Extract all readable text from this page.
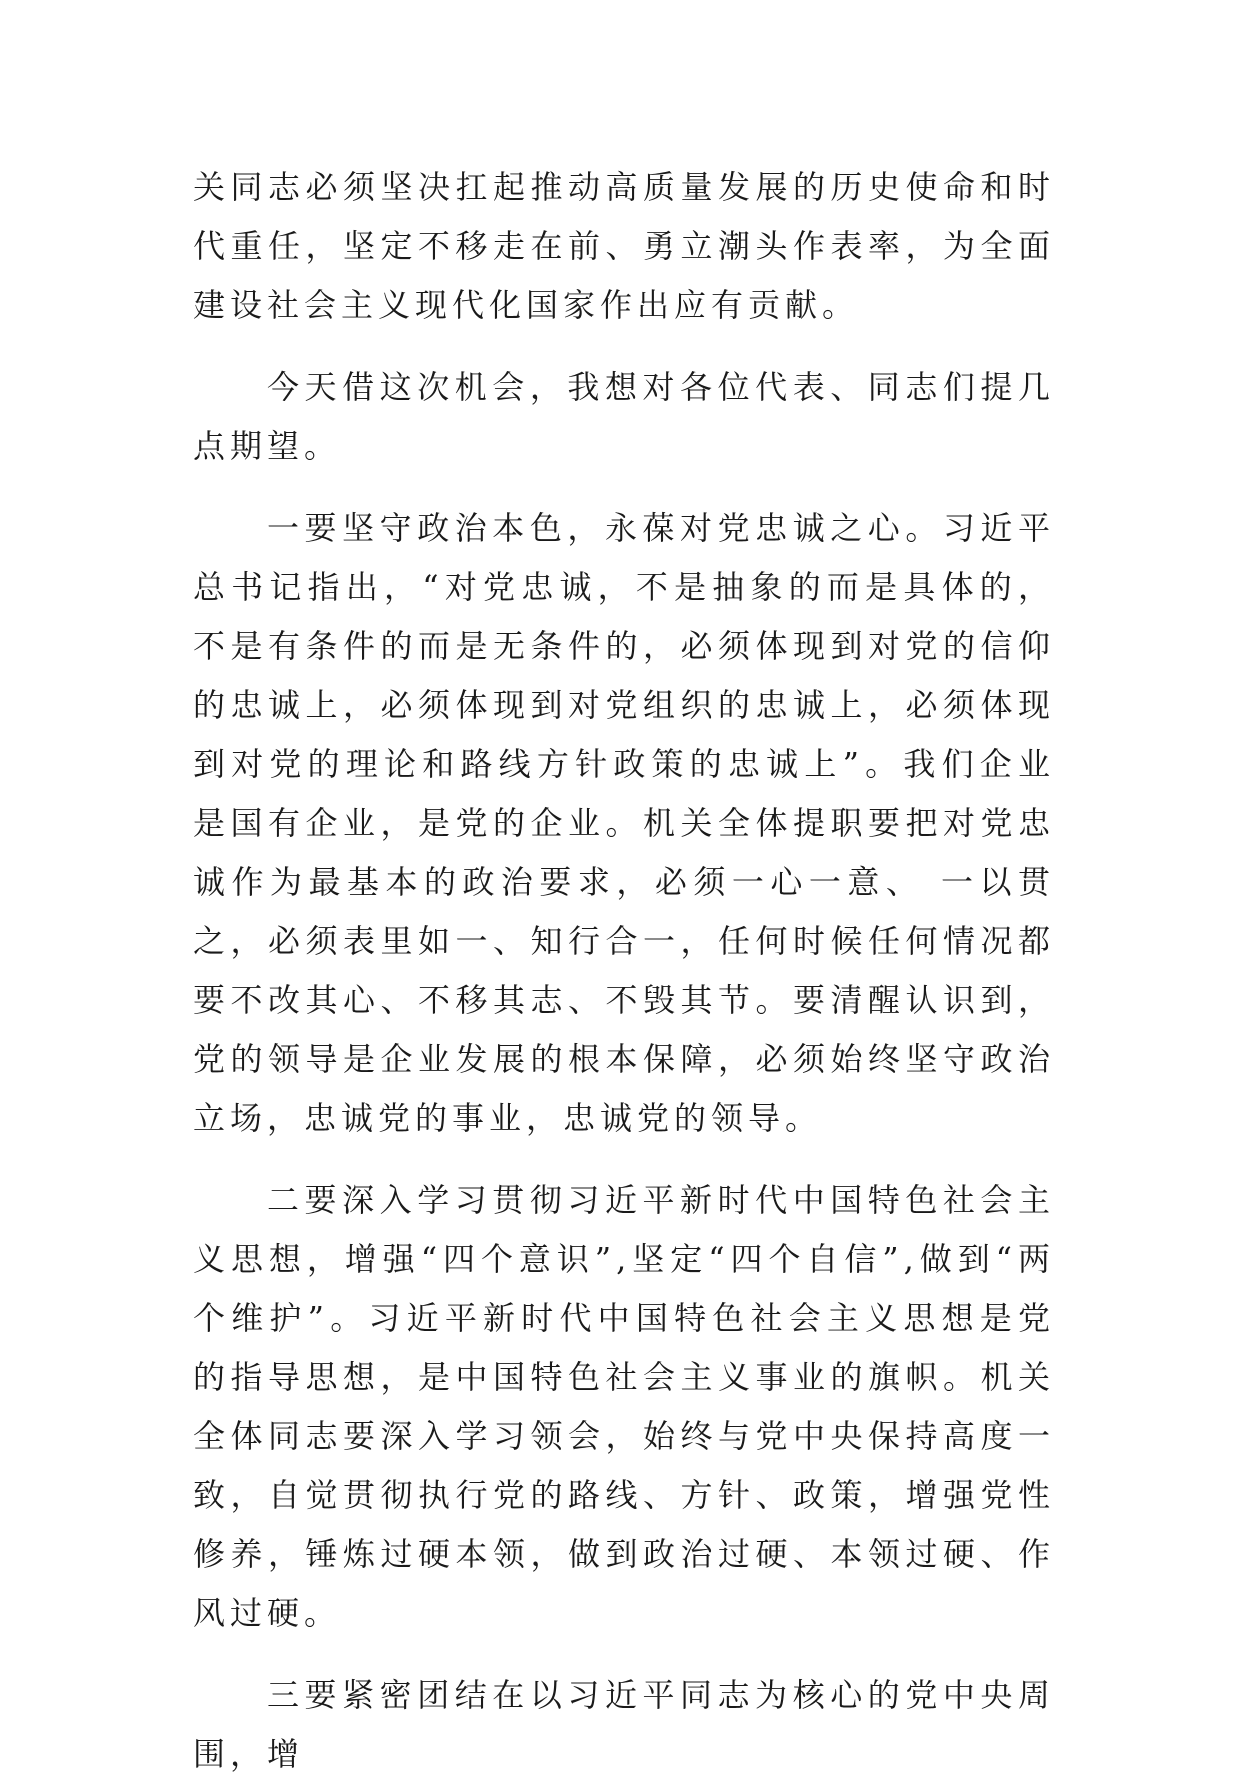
关同志必须坚决扛起推动高质量发展的历史使命和时代重任，坚定不移走在前、勇立潮头作表率，为全面建设社会主义现代化国家作出应有贡献。

今天借这次机会，我想对各位代表、同志们提几点期望。

一要坚守政治本色，永葆对党忠诚之心。习近平总书记指出，“对党忠诚，不是抽象的而是具体的，不是有条件的而是无条件的，必须体现到对党的信仰的忠诚上，必须体现到对党组织的忠诚上，必须体现到对党的理论和路线方针政策的忠诚上”。我们企业是国有企业，是党的企业。机关全体提职要把对党忠诚作为最基本的政治要求，必须一心一意、 一以贯之，必须表里如一、知行合一，任何时候任何情况都要不改其心、不移其志、不毁其节。要清醒认识到，党的领导是企业发展的根本保障，必须始终坚守政治立场，忠诚党的事业，忠诚党的领导。

二要深入学习贯彻习近平新时代中国特色社会主义思想，增强“四个意识”,坚定“四个自信”,做到“两个维护”。习近平新时代中国特色社会主义思想是党的指导思想，是中国特色社会主义事业的旗帜。机关全体同志要深入学习领会，始终与党中央保持高度一致，自觉贯彻执行党的路线、方针、政策，增强党性修养，锤炼过硬本领，做到政治过硬、本领过硬、作风过硬。

三要紧密团结在以习近平同志为核心的党中央周围，增
